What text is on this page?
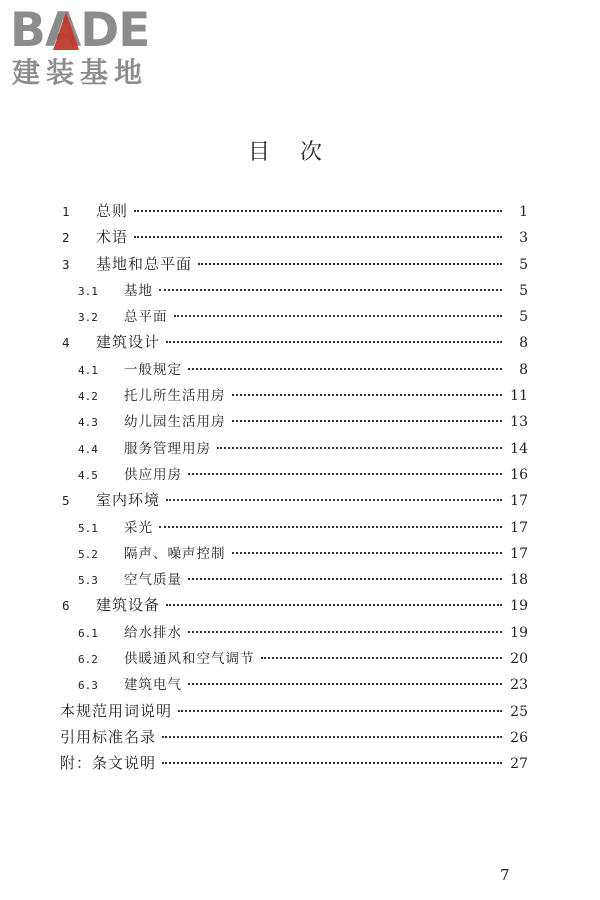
BADE
建装基地
目次
1	总则	1
2	术语	3
3	基地和总平面	5
3.1	基地	5
3.2	总平面	5
4	建筑设计	8
4.1	一般规定	8
4.2	托儿所生活用房	11
4.3	幼儿园生活用房	13
4.4	服务管理用房	14
4.5	供应用房	16
5	室内环境	17
5.1	采光	17
5.2	隔声、噪声控制	17
5.3	空气质量	18
6	建筑设备	19
6.1	给水排水	19
6.2	供暖通风和空气调节	20
6.3	建筑电气	23
本规范用词说明	25
引用标准名录	26
附：条文说明	27
7
